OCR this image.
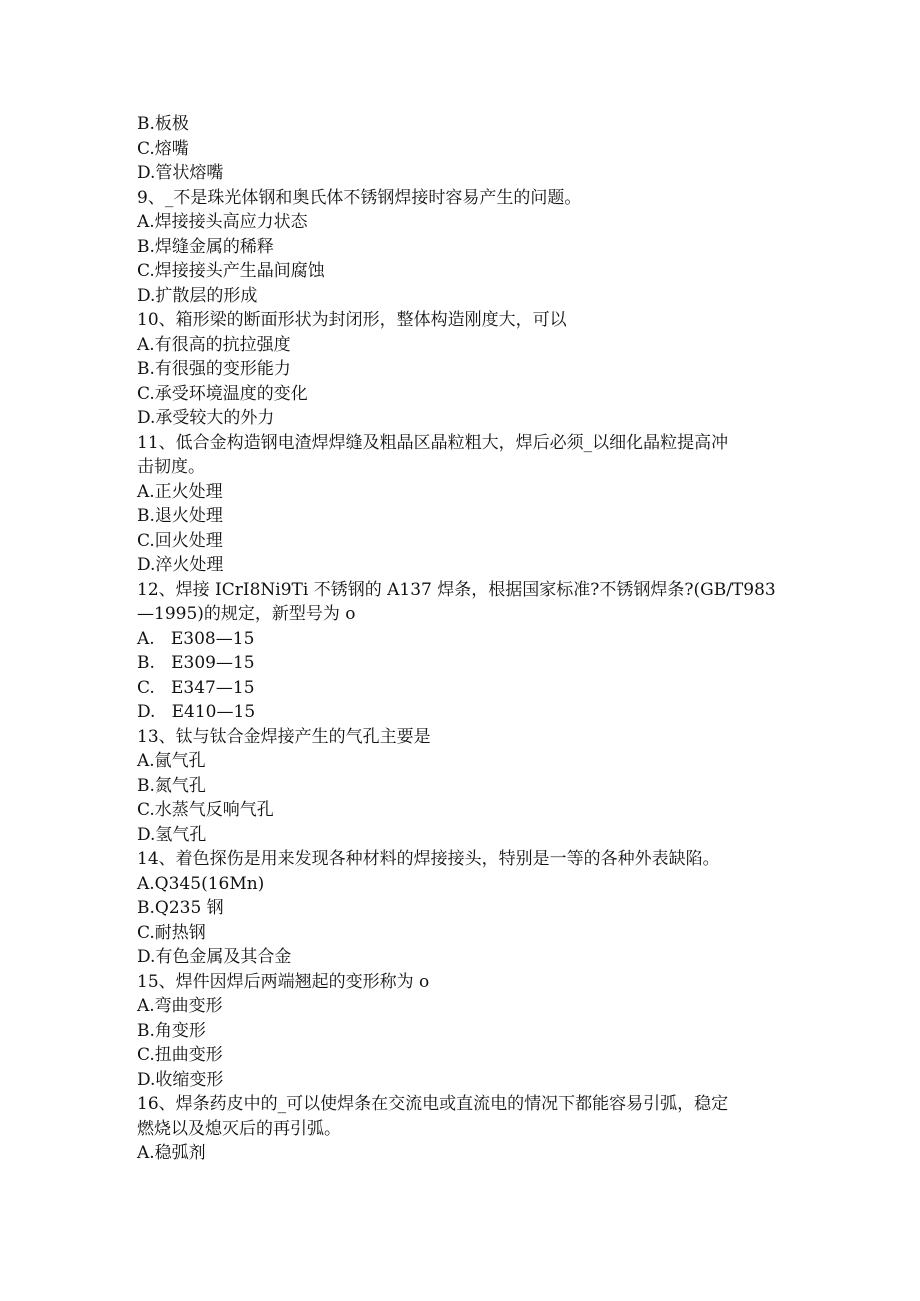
B.板极
C.熔嘴
D.管状熔嘴
9、_不是珠光体钢和奥氏体不锈钢焊接时容易产生的问题。
A.焊接接头高应力状态
B.焊缝金属的稀释
C.焊接接头产生晶间腐蚀
D.扩散层的形成
10、箱形梁的断面形状为封闭形，整体构造刚度大，可以
A.有很高的抗拉强度
B.有很强的变形能力
C.承受环境温度的变化
D.承受较大的外力
11、低合金构造钢电渣焊焊缝及粗晶区晶粒粗大，焊后必须_以细化晶粒提高冲
击韧度。
A.正火处理
B.退火处理
C.回火处理
D.淬火处理
12、焊接 ICrI8Ni9Ti 不锈钢的 A137 焊条，根据国家标准?不锈钢焊条?(GB/T983
—1995)的规定，新型号为 o
A.   E308—15
B.   E309—15
C.   E347—15
D.   E410—15
13、钛与钛合金焊接产生的气孔主要是
A.氤气孔
B.氮气孔
C.水蒸气反响气孔
D.氢气孔
14、着色探伤是用来发现各种材料的焊接接头，特别是一等的各种外表缺陷。
A.Q345(16Mn)
B.Q235 钢
C.耐热钢
D.有色金属及其合金
15、焊件因焊后两端翘起的变形称为 o
A.弯曲变形
B.角变形
C.扭曲变形
D.收缩变形
16、焊条药皮中的_可以使焊条在交流电或直流电的情况下都能容易引弧，稳定
燃烧以及熄灭后的再引弧。
A.稳弧剂
